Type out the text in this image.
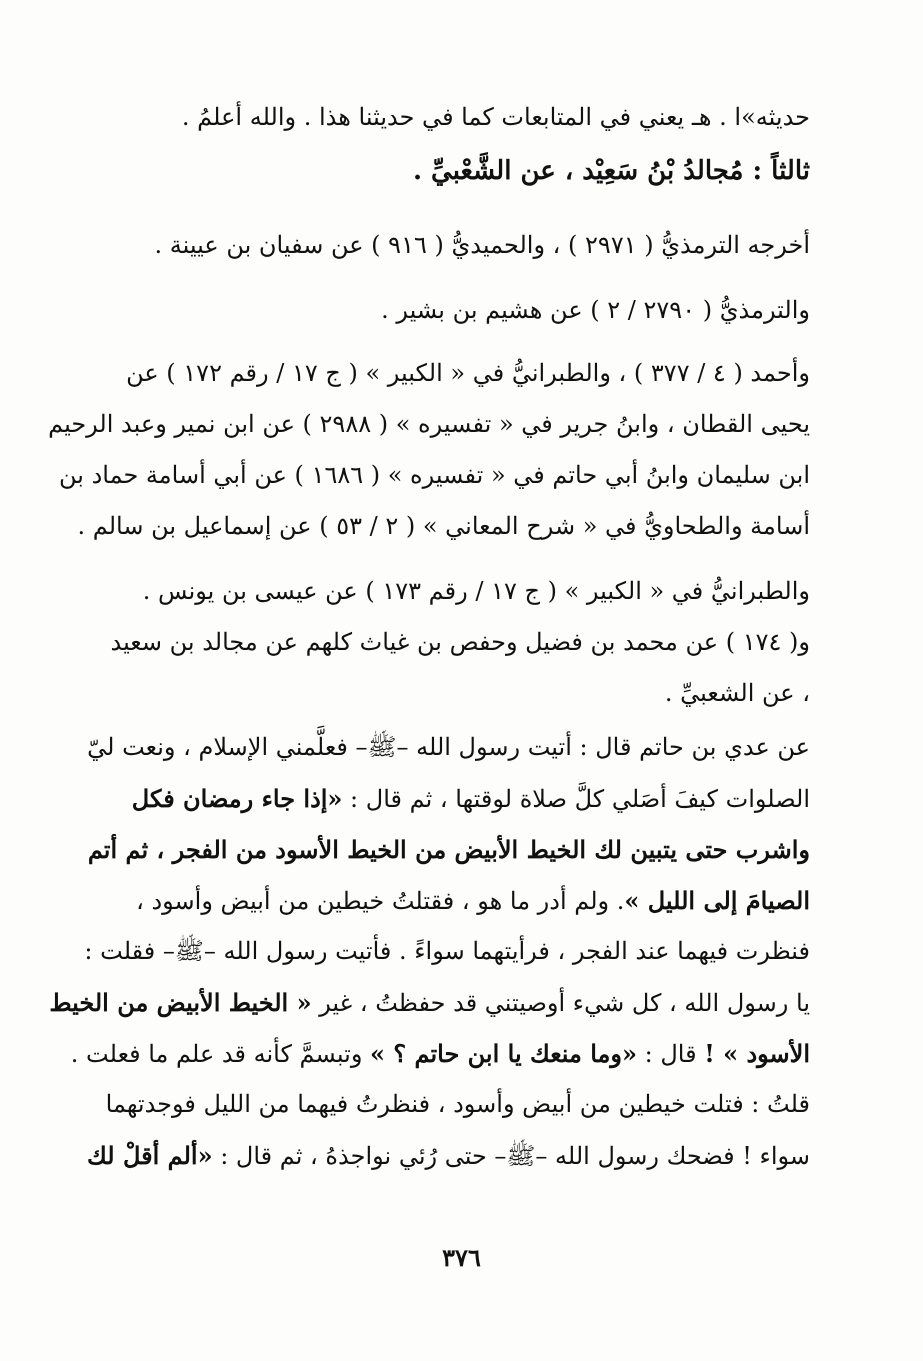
حديثه»ا . هـ يعني في المتابعات كما في حديثنا هذا . والله أعلمُ .

ثالثاً : مُجالدُ بْنُ سَعِيْد ، عن الشَّعْبيِّ .

أخرجه الترمذيُّ ( ٢٩٧١ ) ، والحميديُّ ( ٩١٦ ) عن سفيان بن عيينة .

والترمذيُّ ( ٢٧٩٠ / ٢ ) عن هشيم بن بشير .

وأحمد ( ٤ / ٣٧٧ ) ، والطبرانيُّ في « الكبير » ( ج ١٧ / رقم ١٧٢ ) عن

يحيى القطان ، وابنُ جرير في « تفسيره » ( ٢٩٨٨ ) عن ابن نمير وعبد الرحيم

ابن سليمان وابنُ أبي حاتم في « تفسيره » ( ١٦٨٦ ) عن أبي أسامة حماد بن

أسامة والطحاويُّ في « شرح المعاني » ( ٢ / ٥٣ ) عن إسماعيل بن سالم .

والطبرانيُّ في « الكبير » ( ج ١٧ / رقم ١٧٣ ) عن عيسى بن يونس .

و( ١٧٤ ) عن محمد بن فضيل وحفص بن غياث كلهم عن مجالد بن سعيد

، عن الشعبيِّ .

عن عدي بن حاتم قال : أتيت رسول الله –ﷺ– فعلَّمني الإسلام ، ونعت ليّ

الصلوات كيفَ أصَلي كلَّ صلاة لوقتها ، ثم قال : «إذا جاء رمضان فكل

واشرب حتى يتبين لك الخيط الأبيض من الخيط الأسود من الفجر ، ثم أتم

الصيامَ إلى الليل ». ولم أدر ما هو ، فقتلتُ خيطين من أبيض وأسود ،

فنظرت فيهما عند الفجر ، فرأيتهما سواءً . فأتيت رسول الله –ﷺ– فقلت :

يا رسول الله ، كل شيء أوصيتني قد حفظتُ ، غير « الخيط الأبيض من الخيط

الأسود » ! قال : «وما منعك يا ابن حاتم ؟ » وتبسمَّ كأنه قد علم ما فعلت .

قلتُ : فتلت خيطين من أبيض وأسود ، فنظرتُ فيهما من الليل فوجدتهما

سواء ! فضحك رسول الله –ﷺ– حتى رُئي نواجذهُ ، ثم قال : «ألم أقلْ لك

٣٧٦
